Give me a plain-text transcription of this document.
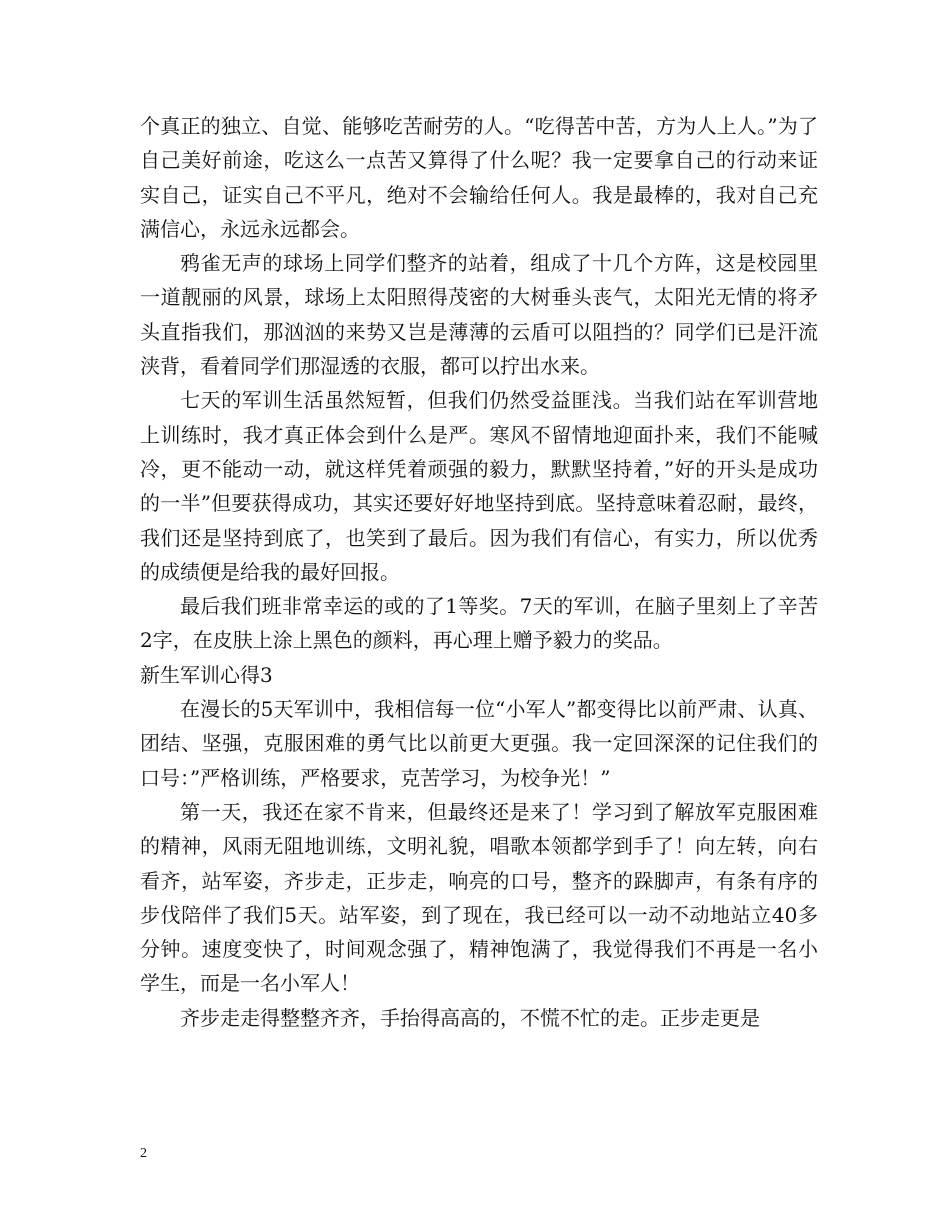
个真正的独立、自觉、能够吃苦耐劳的人。“吃得苦中苦，方为人上人。”为了自己美好前途，吃这么一点苦又算得了什么呢？我一定要拿自己的行动来证实自己，证实自己不平凡，绝对不会输给任何人。我是最棒的，我对自己充满信心，永远永远都会。

鸦雀无声的球场上同学们整齐的站着，组成了十几个方阵，这是校园里一道靓丽的风景，球场上太阳照得茂密的大树垂头丧气，太阳光无情的将矛头直指我们，那汹汹的来势又岂是薄薄的云盾可以阻挡的？同学们已是汗流浃背，看着同学们那湿透的衣服，都可以拧出水来。

七天的军训生活虽然短暂，但我们仍然受益匪浅。当我们站在军训营地上训练时，我才真正体会到什么是严。寒风不留情地迎面扑来，我们不能喊冷，更不能动一动，就这样凭着顽强的毅力，默默坚持着，”好的开头是成功的一半”但要获得成功，其实还要好好地坚持到底。坚持意味着忍耐，最终，我们还是坚持到底了，也笑到了最后。因为我们有信心，有实力，所以优秀的成绩便是给我的最好回报。

最后我们班非常幸运的或的了1等奖。7天的军训，在脑子里刻上了辛苦2字，在皮肤上涂上黑色的颜料，再心理上赠予毅力的奖品。

新生军训心得3

在漫长的5天军训中，我相信每一位“小军人”都变得比以前严肃、认真、团结、坚强，克服困难的勇气比以前更大更强。我一定回深深的记住我们的口号：”严格训练，严格要求，克苦学习，为校争光！”

第一天，我还在家不肯来，但最终还是来了！学习到了解放军克服困难的精神，风雨无阻地训练，文明礼貌，唱歌本领都学到手了！向左转，向右看齐，站军姿，齐步走，正步走，响亮的口号，整齐的跺脚声，有条有序的步伐陪伴了我们5天。站军姿，到了现在，我已经可以一动不动地站立40多分钟。速度变快了，时间观念强了，精神饱满了，我觉得我们不再是一名小学生，而是一名小军人！

齐步走走得整整齐齐，手抬得高高的，不慌不忙的走。正步走更是

2
